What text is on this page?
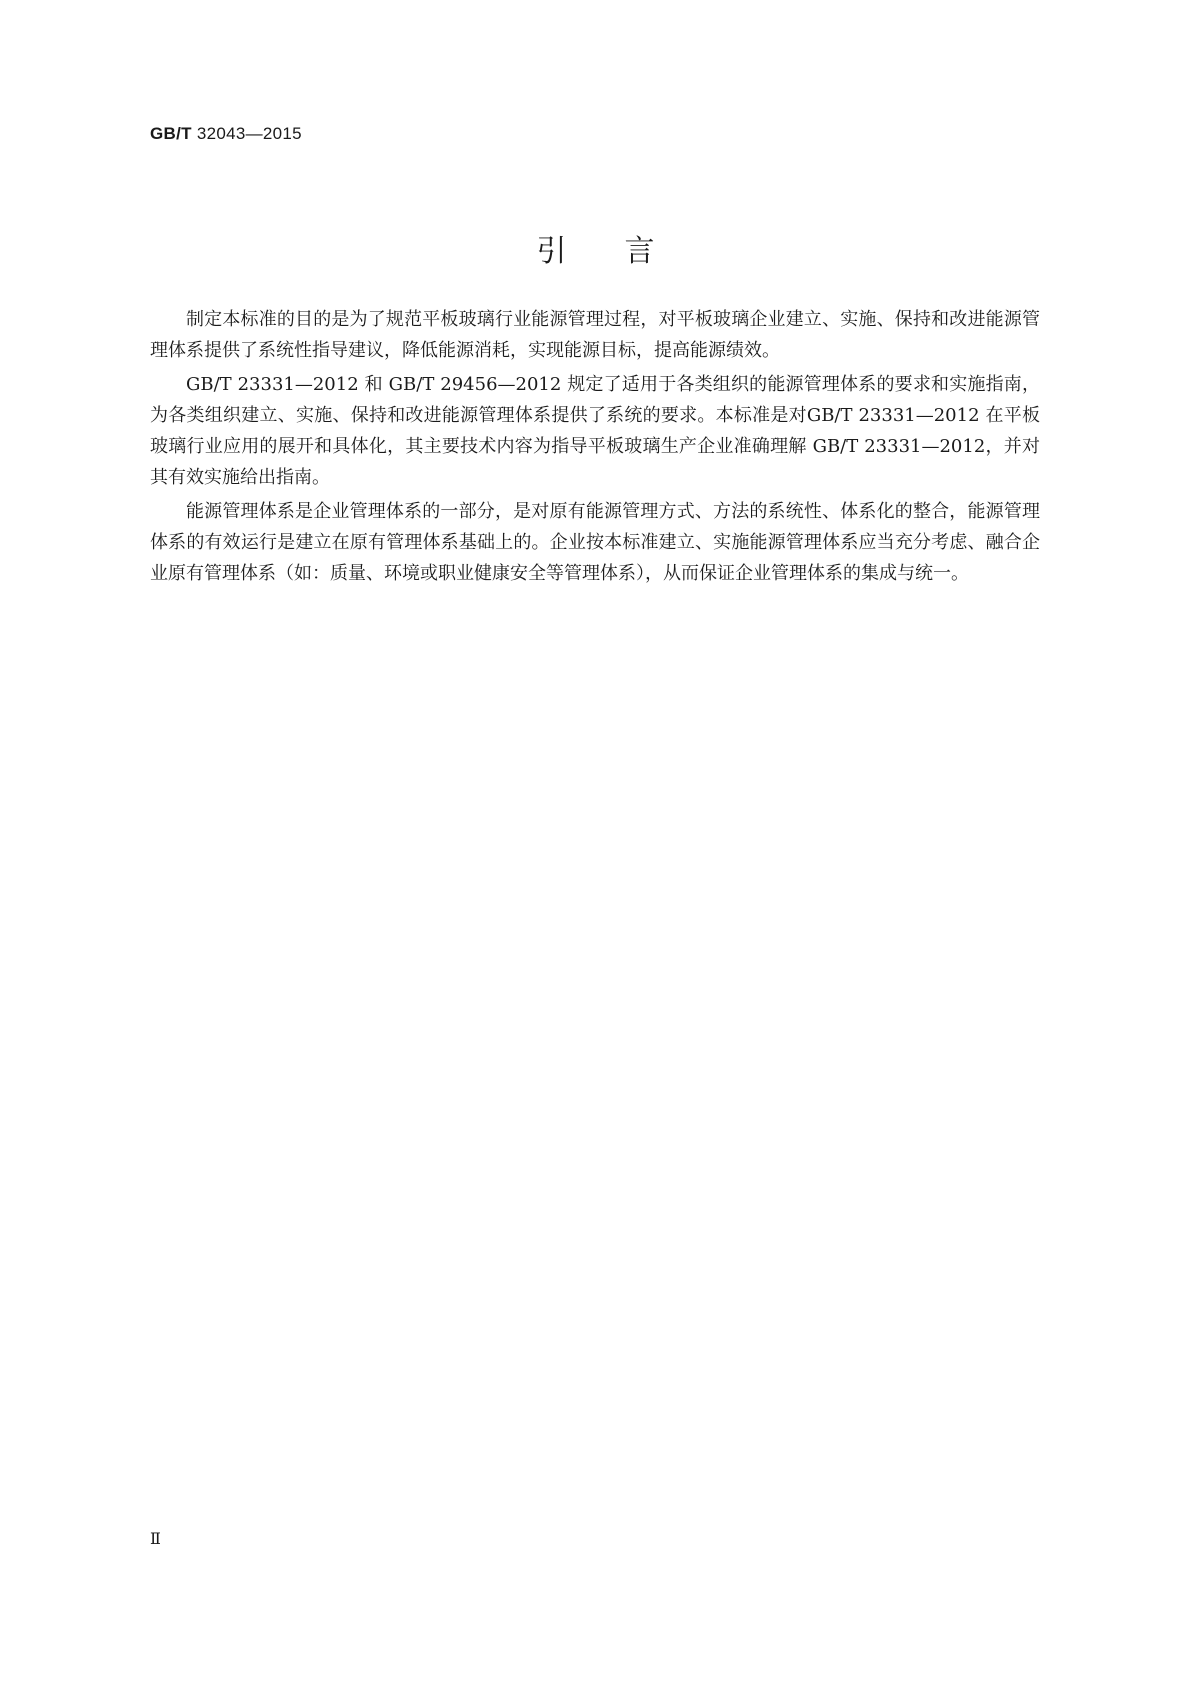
GB/T 32043—2015
引言

制定本标准的目的是为了规范平板玻璃行业能源管理过程，对平板玻璃企业建立、实施、保持和改进能源管理体系提供了系统性指导建议，降低能源消耗，实现能源目标，提高能源绩效。

GB/T 23331—2012 和 GB/T 29456—2012 规定了适用于各类组织的能源管理体系的要求和实施指南，为各类组织建立、实施、保持和改进能源管理体系提供了系统的要求。本标准是对GB/T 23331—2012 在平板玻璃行业应用的展开和具体化，其主要技术内容为指导平板玻璃生产企业准确理解 GB/T 23331—2012，并对其有效实施给出指南。

能源管理体系是企业管理体系的一部分，是对原有能源管理方式、方法的系统性、体系化的整合，能源管理体系的有效运行是建立在原有管理体系基础上的。企业按本标准建立、实施能源管理体系应当充分考虑、融合企业原有管理体系（如：质量、环境或职业健康安全等管理体系），从而保证企业管理体系的集成与统一。

Ⅱ
